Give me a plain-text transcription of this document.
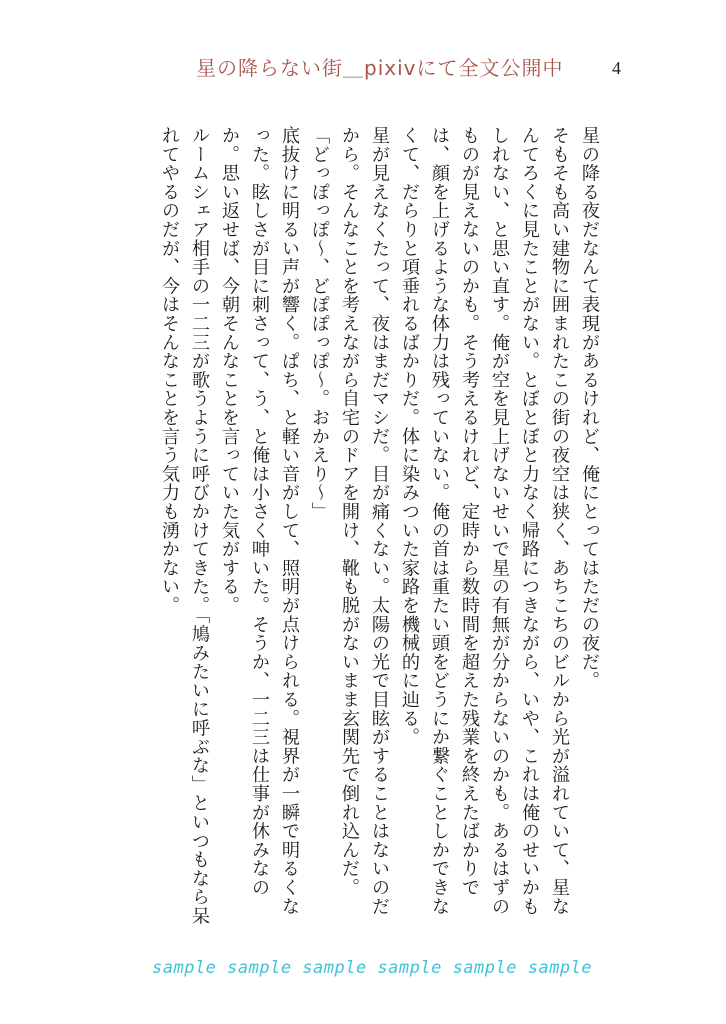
星の降らない街＿pixivにて全文公開中	4

星の降る夜だなんて表現があるけれど、俺にとってはただの夜だ。

そもそも高い建物に囲まれたこの街の夜空は狭く、あちこちのビルから光が溢れていて、星なんてろくに見たことがない。とぼとぼと力なく帰路につきながら、いや、これは俺のせいかもしれない、と思い直す。俺が空を見上げないせいで星の有無が分からないのかも。あるはずのものが見えないのかも。そう考えるけれど、定時から数時間を超えた残業を終えたばかりでは、顔を上げるような体力は残っていない。俺の首は重たい頭をどうにか繋ぐことしかできなくて、だらりと項垂れるばかりだ。体に染みついた家路を機械的に辿る。

星が見えなくたって、夜はまだマシだ。目が痛くない。太陽の光で目眩がすることはないのだから。そんなことを考えながら自宅のドアを開け、靴も脱がないまま玄関先で倒れ込んだ。

「どっぽっぽ〜、どぽぽっぽ〜。おかえり〜」

底抜けに明るい声が響く。ぱち、と軽い音がして、照明が点けられる。視界が一瞬で明るくなった。眩しさが目に刺さって、う、と俺は小さく呻いた。そうか、一二三は仕事が休みなのか。思い返せば、今朝そんなことを言っていた気がする。

ルームシェア相手の一二三が歌うように呼びかけてきた。「鳩みたいに呼ぶな」といつもなら呆れてやるのだが、今はそんなことを言う気力も湧かない。

sample sample sample sample sample sample
